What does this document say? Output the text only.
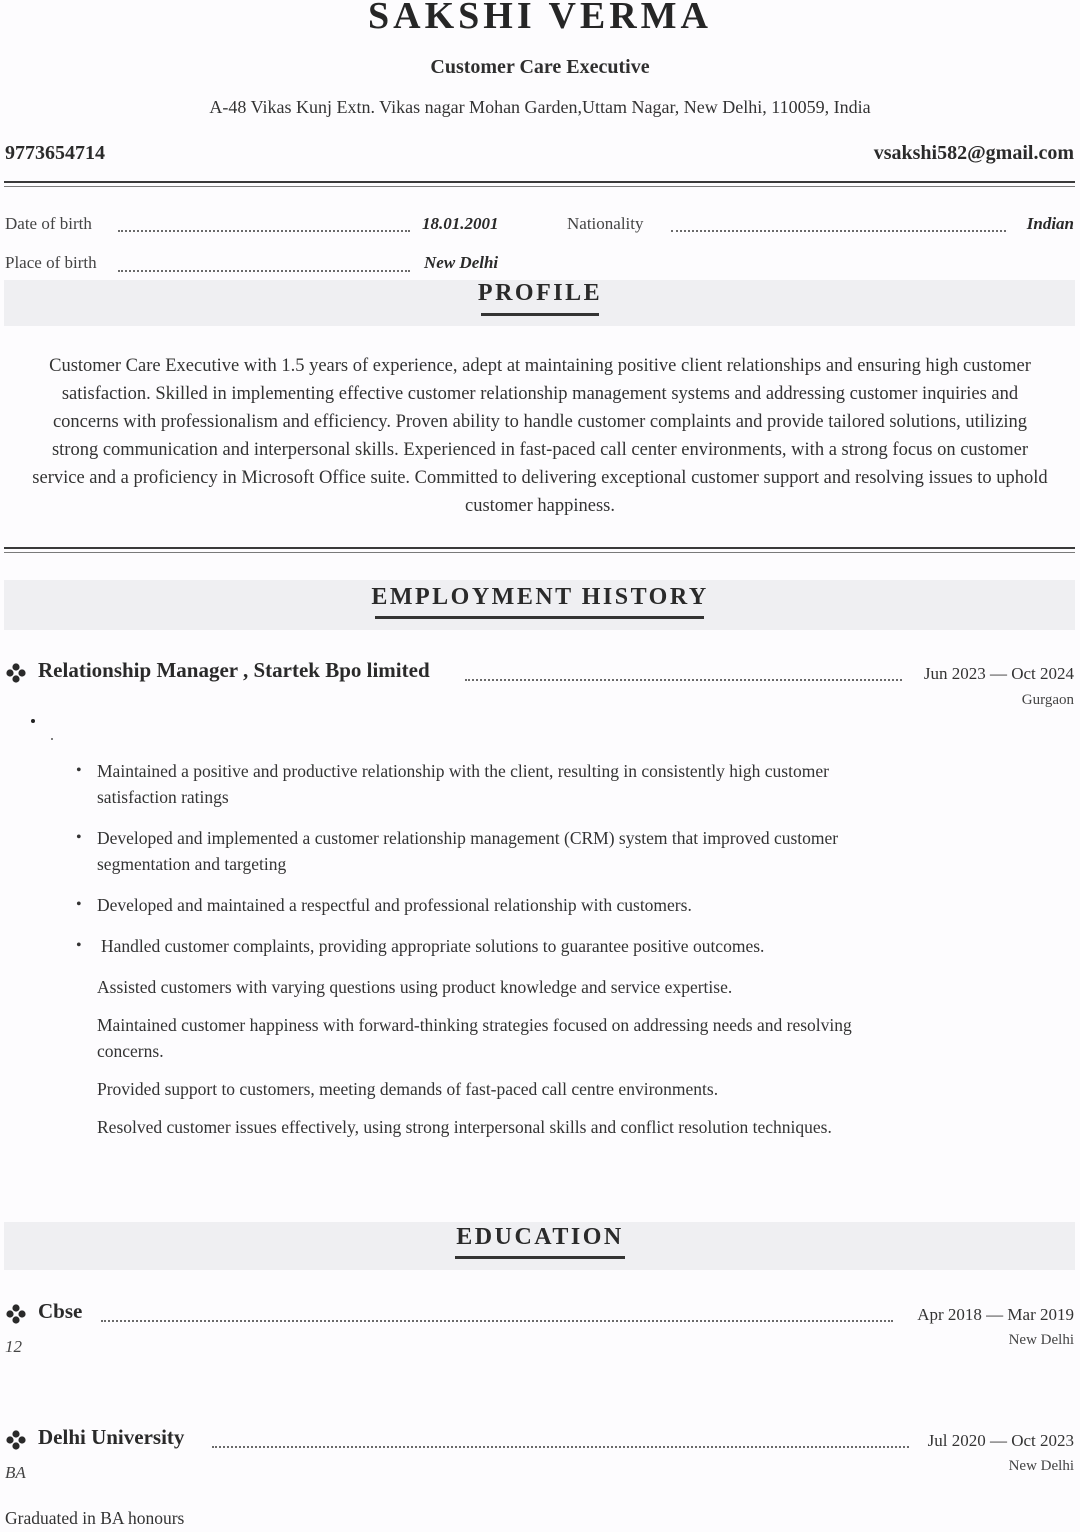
SAKSHI VERMA
Customer Care Executive
A-48 Vikas Kunj Extn. Vikas nagar Mohan Garden,Uttam Nagar, New Delhi, 110059, India
9773654714	vsakshi582@gmail.com
Date of birth	18.01.2001	Nationality	Indian
Place of birth	New Delhi
PROFILE
Customer Care Executive with 1.5 years of experience, adept at maintaining positive client relationships and ensuring high customer satisfaction. Skilled in implementing effective customer relationship management systems and addressing customer inquiries and concerns with professionalism and efficiency. Proven ability to handle customer complaints and provide tailored solutions, utilizing strong communication and interpersonal skills. Experienced in fast-paced call center environments, with a strong focus on customer service and a proficiency in Microsoft Office suite. Committed to delivering exceptional customer support and resolving issues to uphold customer happiness.
EMPLOYMENT HISTORY
Relationship Manager , Startek Bpo limited	Jun 2023 — Oct 2024
Gurgaon
• Maintained a positive and productive relationship with the client, resulting in consistently high customer satisfaction ratings
• Developed and implemented a customer relationship management (CRM) system that improved customer segmentation and targeting
• Developed and maintained a respectful and professional relationship with customers.
• Handled customer complaints, providing appropriate solutions to guarantee positive outcomes.
Assisted customers with varying questions using product knowledge and service expertise.
Maintained customer happiness with forward-thinking strategies focused on addressing needs and resolving concerns.
Provided support to customers, meeting demands of fast-paced call centre environments.
Resolved customer issues effectively, using strong interpersonal skills and conflict resolution techniques.
EDUCATION
Cbse	Apr 2018 — Mar 2019
New Delhi
12
Delhi University	Jul 2020 — Oct 2023
New Delhi
BA
Graduated in BA honours
